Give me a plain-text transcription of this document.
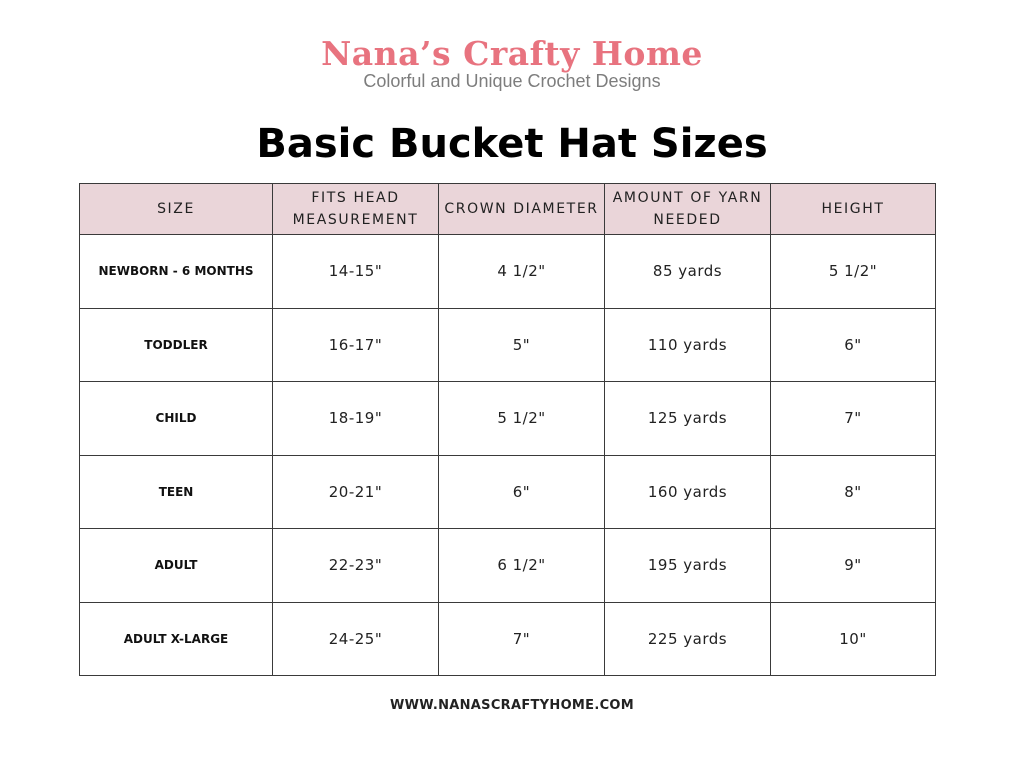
Nana’s Crafty Home
Colorful and Unique Crochet Designs
Basic Bucket Hat Sizes
SIZE	FITS HEAD MEASUREMENT	CROWN DIAMETER	AMOUNT OF YARN NEEDED	HEIGHT
NEWBORN - 6 MONTHS	14-15"	4 1/2"	85 yards	5 1/2"
TODDLER	16-17"	5"	110 yards	6"
CHILD	18-19"	5 1/2"	125 yards	7"
TEEN	20-21"	6"	160 yards	8"
ADULT	22-23"	6 1/2"	195 yards	9"
ADULT X-LARGE	24-25"	7"	225 yards	10"
WWW.NANASCRAFTYHOME.COM
